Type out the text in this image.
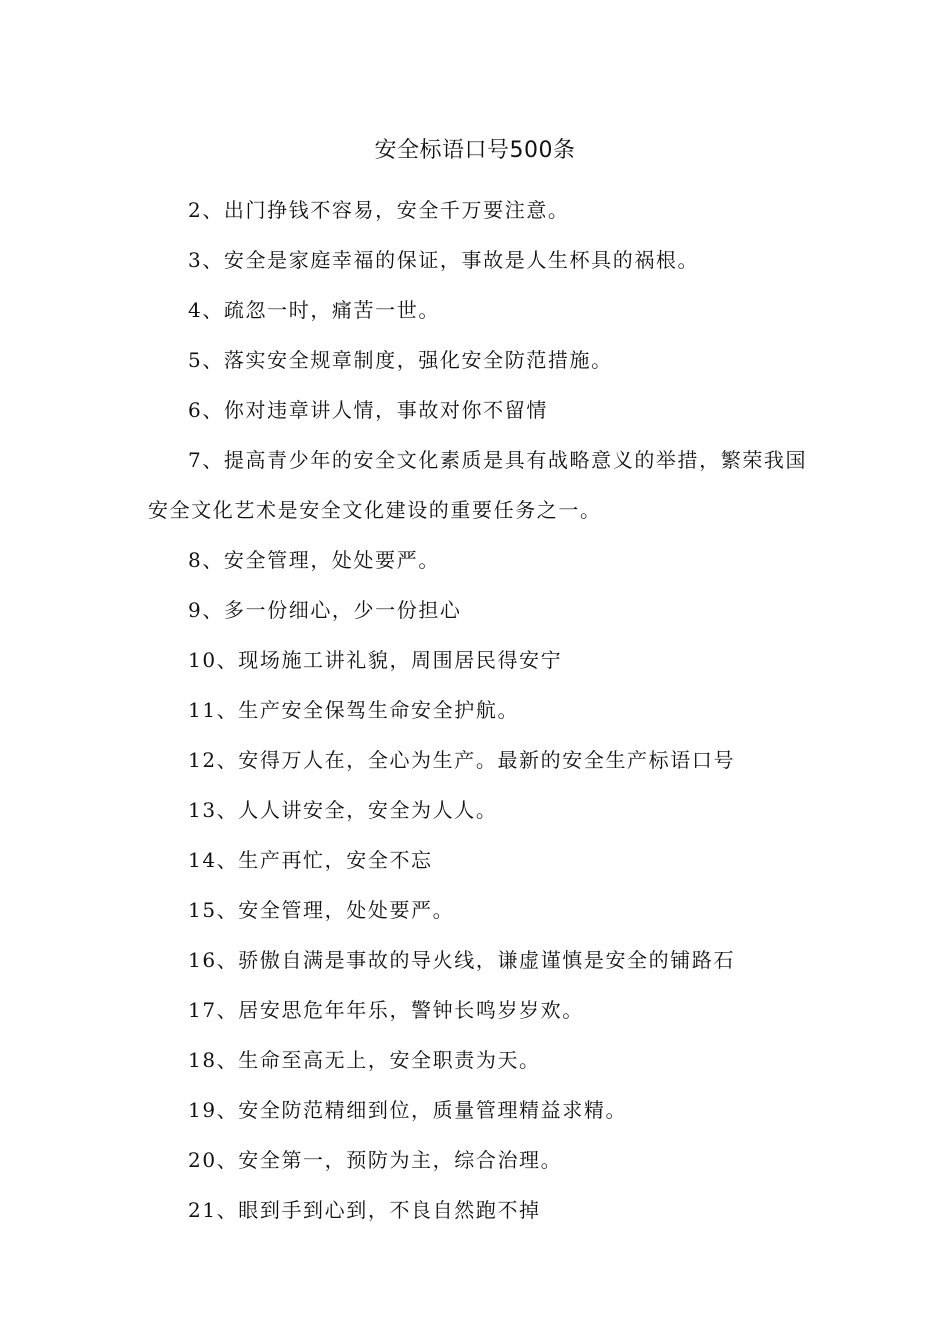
安全标语口号500条

2、出门挣钱不容易，安全千万要注意。

3、安全是家庭幸福的保证，事故是人生杯具的祸根。

4、疏忽一时，痛苦一世。

5、落实安全规章制度，强化安全防范措施。

6、你对违章讲人情，事故对你不留情

7、提高青少年的安全文化素质是具有战略意义的举措，繁荣我国安全文化艺术是安全文化建设的重要任务之一。

8、安全管理，处处要严。

9、多一份细心，少一份担心

10、现场施工讲礼貌，周围居民得安宁

11、生产安全保驾生命安全护航。

12、安得万人在，全心为生产。最新的安全生产标语口号

13、人人讲安全，安全为人人。

14、生产再忙，安全不忘

15、安全管理，处处要严。

16、骄傲自满是事故的导火线，谦虚谨慎是安全的铺路石

17、居安思危年年乐，警钟长鸣岁岁欢。

18、生命至高无上，安全职责为天。

19、安全防范精细到位，质量管理精益求精。

20、安全第一，预防为主，综合治理。

21、眼到手到心到，不良自然跑不掉
